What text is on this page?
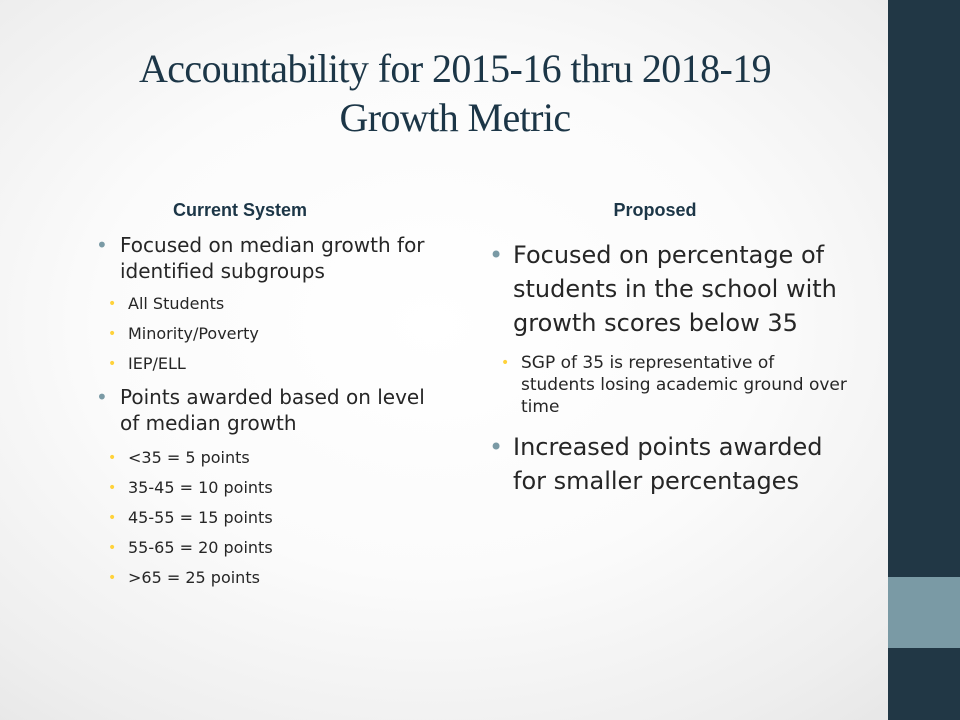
Accountability for 2015-16 thru 2018-19
Growth Metric
Current System	Proposed
• Focused on median growth for identified subgroups
• All Students
• Minority/Poverty
• IEP/ELL
• Points awarded based on level of median growth
• <35 = 5 points
• 35-45 = 10 points
• 45-55 = 15 points
• 55-65 = 20 points
• >65 = 25 points
• Focused on percentage of students in the school with growth scores below 35
• SGP of 35 is representative of students losing academic ground over time
• Increased points awarded for smaller percentages
